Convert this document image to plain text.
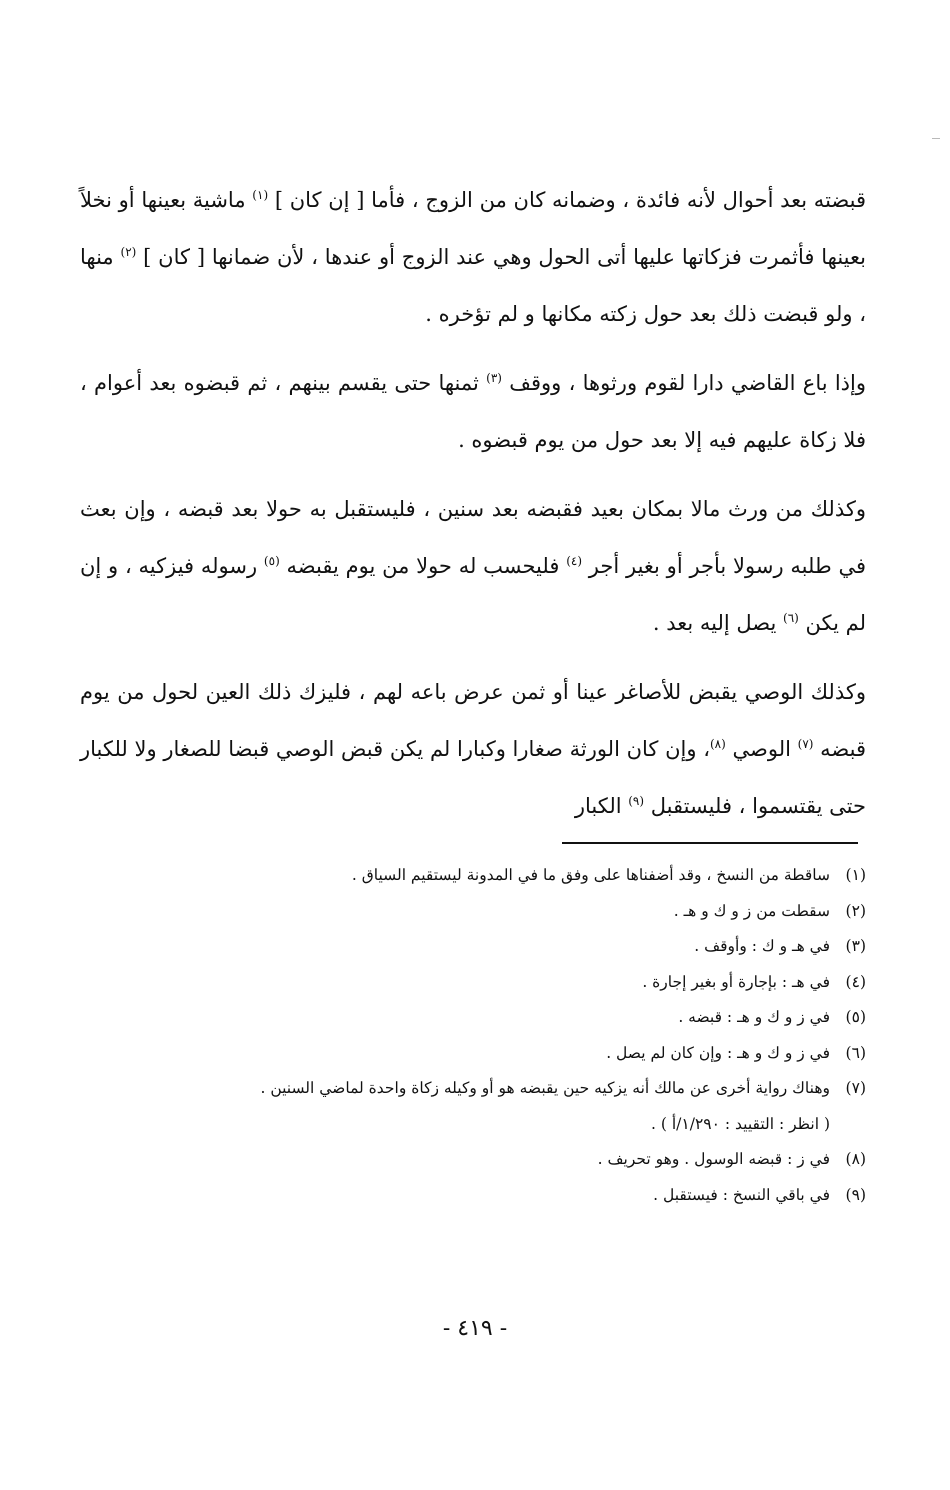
قبضته بعد أحوال لأنه فائدة ، وضمانه كان من الزوج ، فأما [ إن كان ] $^{(١)}$ ماشية بعينها أو نخلاً بعينها فأثمرت فزكاتها عليها أتى الحول وهي عند الزوج أو عندها ، لأن ضمانها [ كان ] $^{(٢)}$ منها ، ولو قبضت ذلك بعد حول زكته مكانها و لم تؤخره .

وإذا باع القاضي دارا لقوم ورثوها ، ووقف $^{(٣)}$ ثمنها حتى يقسم بينهم ، ثم قبضوه بعد أعوام ، فلا زكاة عليهم فيه إلا بعد حول من يوم قبضوه .

وكذلك من ورث مالا بمكان بعيد فقبضه بعد سنين ، فليستقبل به حولا بعد قبضه ، وإن بعث في طلبه رسولا بأجر أو بغير أجر $^{(٤)}$ فليحسب له حولا من يوم يقبضه $^{(٥)}$ رسوله فيزكيه ، و إن لم يكن $^{(٦)}$ يصل إليه بعد .

وكذلك الوصي يقبض للأصاغر عينا أو ثمن عرض باعه لهم ، فليزك ذلك العين لحول من يوم قبضه $^{(٧)}$ الوصي $^{(٨)}$، وإن كان الورثة صغارا وكبارا لم يكن قبض الوصي قبضا للصغار ولا للكبار حتى يقتسموا ، فليستقبل $^{(٩)}$ الكبار

(١)
ساقطة من النسخ ، وقد أضفناها على وفق ما في المدونة ليستقيم السياق .
(٢)
سقطت من ز و ك و هـ .
(٣)
في هـ و ك : وأوقف .
(٤)
في هـ : بإجارة أو بغير إجارة .
(٥)
في ز و ك و هـ : قبضه .
(٦)
في ز و ك و هـ : وإن كان لم يصل .
(٧)
وهناك رواية أخرى عن مالك أنه يزكيه حين يقبضه هو أو وكيله زكاة واحدة لماضي السنين .
( انظر : التقييد : ١/٢٩٠/أ ) .
(٨)
في ز : قبضه الوسول . وهو تحريف .
(٩)
في باقي النسخ : فيستقبل .
- ٤١٩ -
